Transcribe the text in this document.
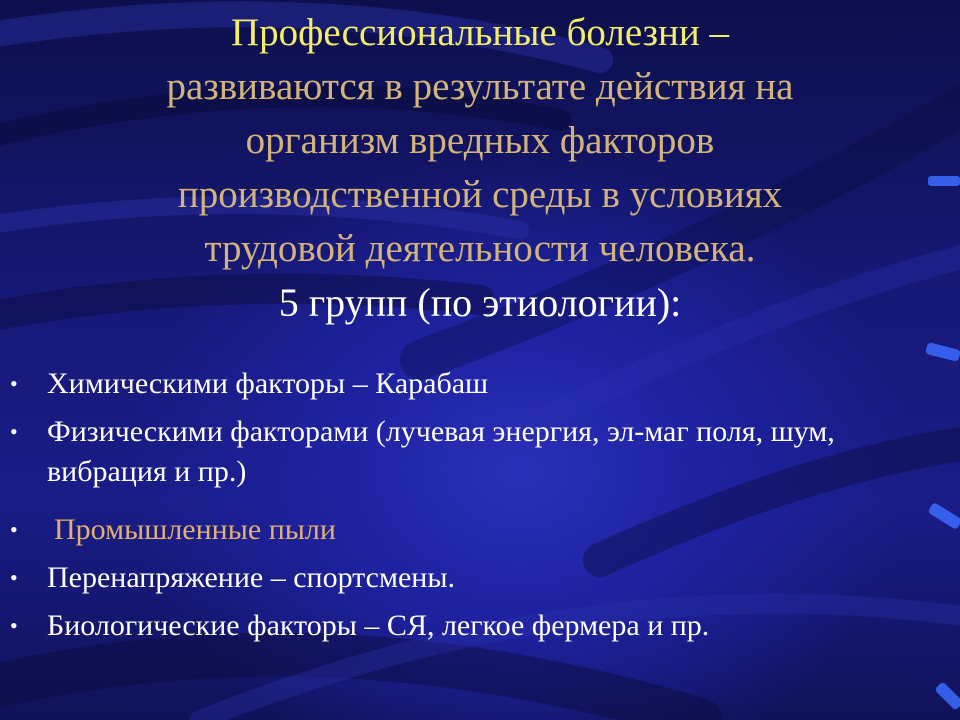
Профессиональные болезни –
развиваются в результате действия на
организм вредных факторов
производственной среды в условиях
трудовой деятельности человека.
5 групп (по этиологии):
• Химическими факторы – Карабаш
• Физическими факторами (лучевая энергия, эл-маг поля, шум, вибрация и пр.)
• Промышленные пыли
• Перенапряжение – спортсмены.
• Биологические факторы – СЯ, легкое фермера и пр.
